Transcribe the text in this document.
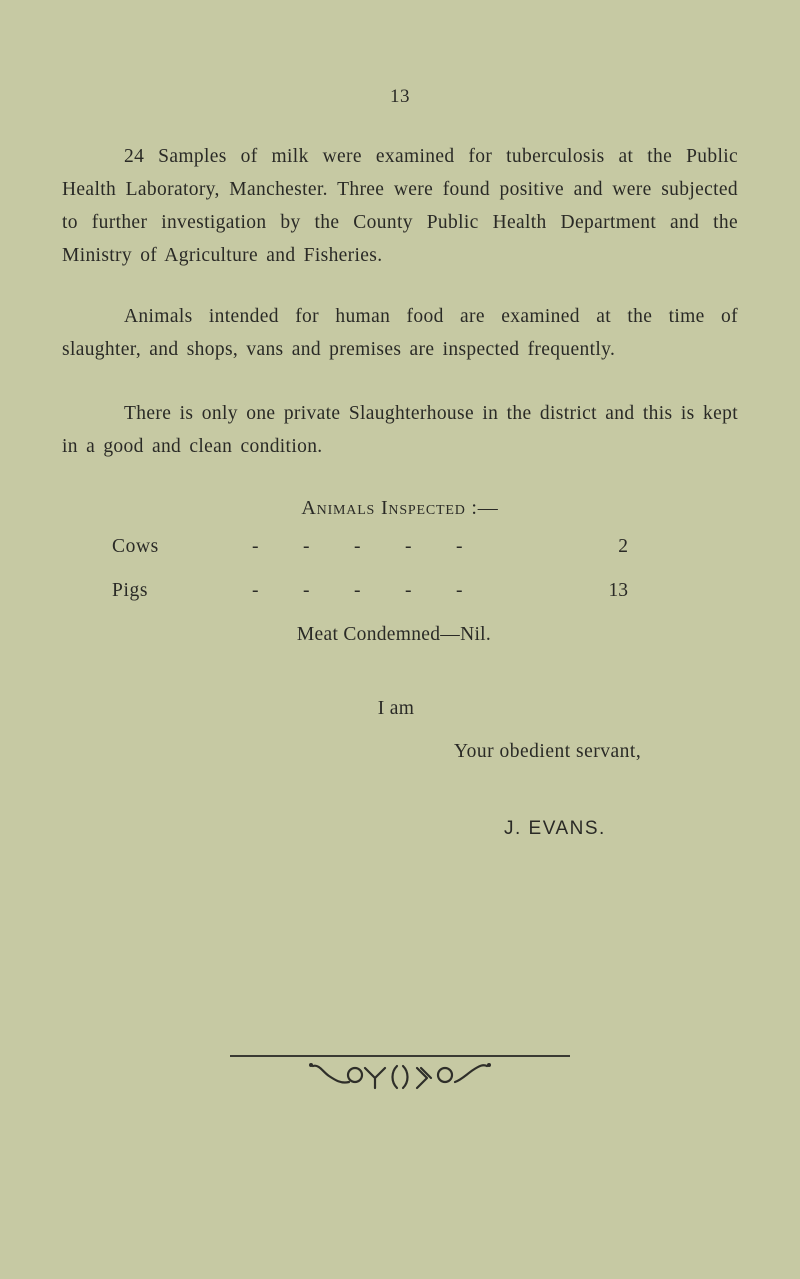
13

24 Samples of milk were examined for tuberculosis at the Public Health Laboratory, Manchester. Three were found positive and were subjected to further investigation by the County Public Health Department and the Ministry of Agriculture and Fisheries.

Animals intended for human food are examined at the time of slaughter, and shops, vans and premises are inspected frequently.

There is only one private Slaughterhouse in the district and this is kept in a good and clean condition.

Animals Inspected :—
Cows	- - - - -	2
Pigs	- - - - -	13
Meat Condemned—Nil.
I am
Your obedient servant,
J. EVANS.
